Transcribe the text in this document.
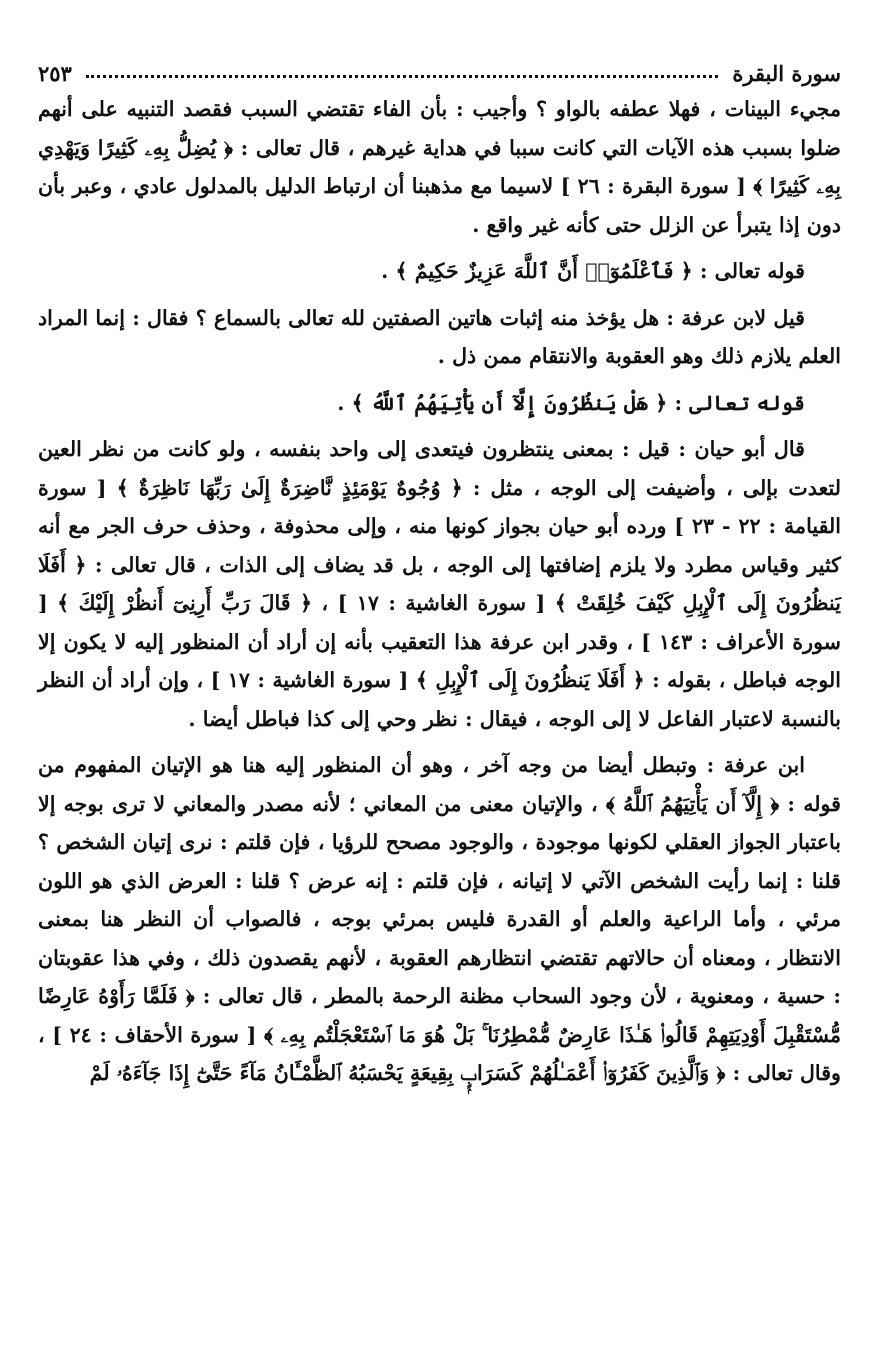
سورة البقرة
٢٥٣

مجيء البينات ، فهلا عطفه بالواو ؟ وأجيب : بأن الفاء تقتضي السبب فقصد التنبيه على أنهم ضلوا بسبب هذه الآيات التي كانت سببا في هداية غيرهم ، قال تعالى : ﴿ يُضِلُّ بِهِۦ كَثِيرًا وَيَهْدِي بِهِۦ كَثِيرًا ﴾ [ سورة البقرة : ٢٦ ] لاسيما مع مذهبنا أن ارتباط الدليل بالمدلول عادي ، وعبر بأن دون إذا يتبرأ عن الزلل حتى كأنه غير واقع .

قوله تعالى : ﴿ فَٱعْلَمُوٓا۟ أَنَّ ٱللَّهَ عَزِيزٌ حَكِيمٌ ﴾ .

قيل لابن عرفة : هل يؤخذ منه إثبات هاتين الصفتين لله تعالى بالسماع ؟ فقال : إنما المراد العلم يلازم ذلك وهو العقوبة والانتقام ممن ذل .

قوله تعالى : ﴿ هَلْ يَنظُرُونَ إِلَّآ أَن يَأْتِيَهُمُ ٱللَّهُ ﴾ .

قال أبو حيان : قيل : بمعنى ينتظرون فيتعدى إلى واحد بنفسه ، ولو كانت من نظر العين لتعدت بإلى ، وأضيفت إلى الوجه ، مثل : ﴿ وُجُوهٌ يَوْمَئِذٍ نَّاضِرَةٌ إِلَىٰ رَبِّهَا نَاظِرَةٌ ﴾ [ سورة القيامة : ٢٢ - ٢٣ ] ورده أبو حيان بجواز كونها منه ، وإلى محذوفة ، وحذف حرف الجر مع أنه كثير وقياس مطرد ولا يلزم إضافتها إلى الوجه ، بل قد يضاف إلى الذات ، قال تعالى : ﴿ أَفَلَا يَنظُرُونَ إِلَى ٱلْإِبِلِ كَيْفَ خُلِقَتْ ﴾ [ سورة الغاشية : ١٧ ] ، ﴿ قَالَ رَبِّ أَرِنِىٓ أَنظُرْ إِلَيْكَ ﴾ [ سورة الأعراف : ١٤٣ ] ، وقدر ابن عرفة هذا التعقيب بأنه إن أراد أن المنظور إليه لا يكون إلا الوجه فباطل ، بقوله : ﴿ أَفَلَا يَنظُرُونَ إِلَى ٱلْإِبِلِ ﴾ [ سورة الغاشية : ١٧ ] ، وإن أراد أن النظر بالنسبة لاعتبار الفاعل لا إلى الوجه ، فيقال : نظر وحي إلى كذا فباطل أيضا .

ابن عرفة : وتبطل أيضا من وجه آخر ، وهو أن المنظور إليه هنا هو الإتيان المفهوم من قوله : ﴿ إِلَّآ أَن يَأْتِيَهُمُ ٱللَّهُ ﴾ ، والإتيان معنى من المعاني ؛ لأنه مصدر والمعاني لا ترى بوجه إلا باعتبار الجواز العقلي لكونها موجودة ، والوجود مصحح للرؤيا ، فإن قلتم : نرى إتيان الشخص ؟ قلنا : إنما رأيت الشخص الآتي لا إتيانه ، فإن قلتم : إنه عرض ؟ قلنا : العرض الذي هو اللون مرئي ، وأما الراعية والعلم أو القدرة فليس بمرئي بوجه ، فالصواب أن النظر هنا بمعنى الانتظار ، ومعناه أن حالاتهم تقتضي انتظارهم العقوبة ، لأنهم يقصدون ذلك ، وفي هذا عقوبتان : حسية ، ومعنوية ، لأن وجود السحاب مظنة الرحمة بالمطر ، قال تعالى : ﴿ فَلَمَّا رَأَوْهُ عَارِضًا مُّسْتَقْبِلَ أَوْدِيَتِهِمْ قَالُوا۟ هَـٰذَا عَارِضٌ مُّمْطِرُنَا ۚ بَلْ هُوَ مَا ٱسْتَعْجَلْتُم بِهِۦ ﴾ [ سورة الأحقاف : ٢٤ ] ، وقال تعالى : ﴿ وَٱلَّذِينَ كَفَرُوٓا۟ أَعْمَـٰلُهُمْ كَسَرَابٍۭ بِقِيعَةٍ يَحْسَبُهُ ٱلظَّمْـَٔانُ مَآءً حَتَّىٰٓ إِذَا جَآءَهُۥ لَمْ
